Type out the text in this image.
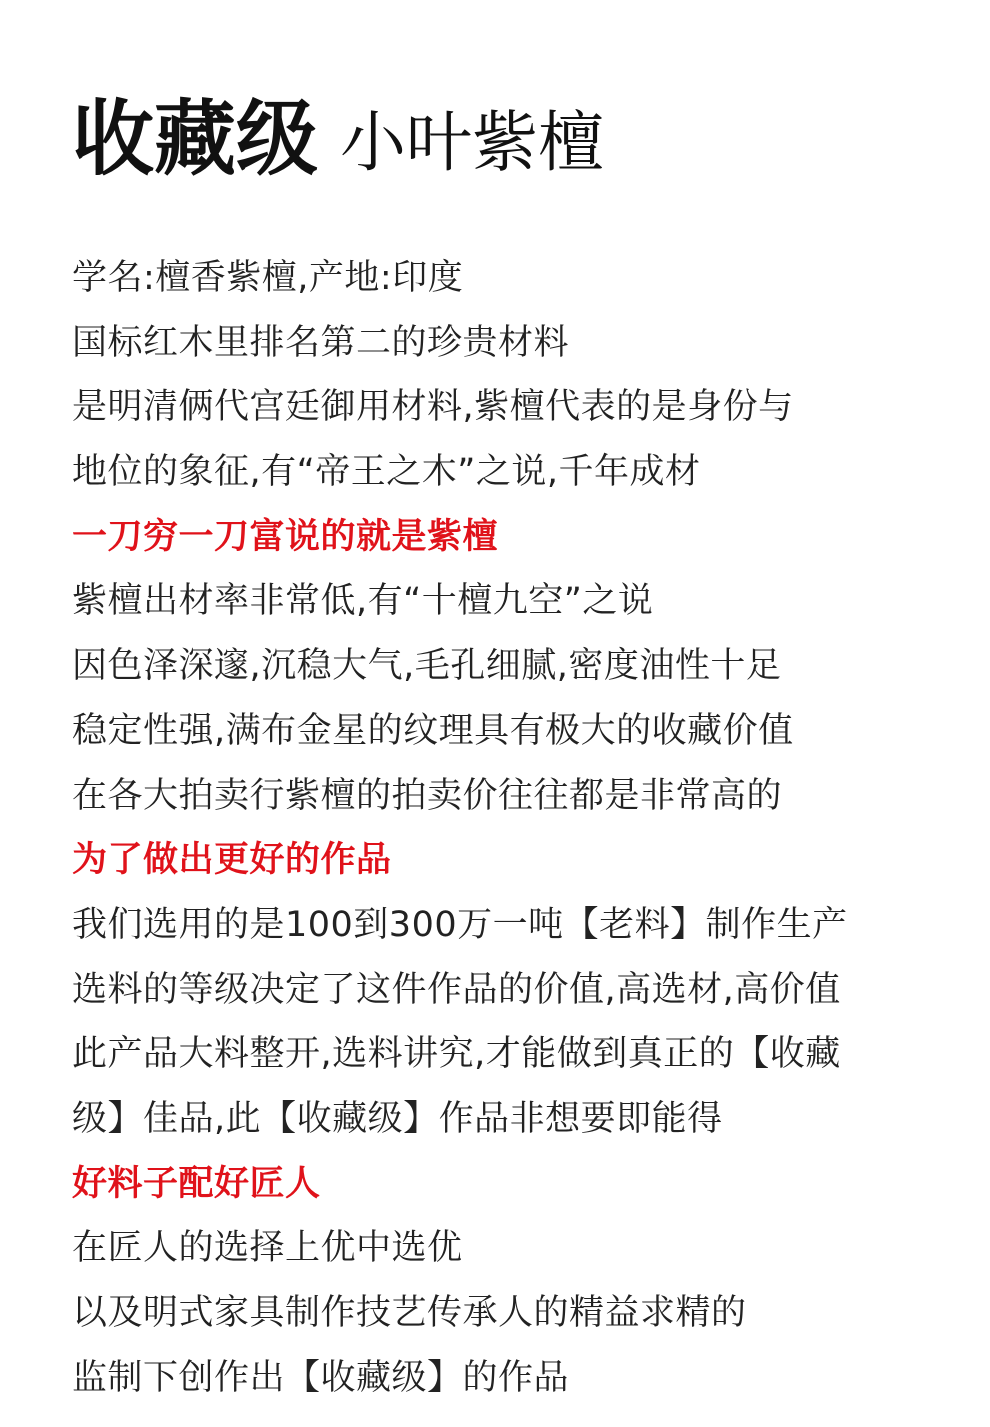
收藏级 小叶紫檀
学名:檀香紫檀,产地:印度
国标红木里排名第二的珍贵材料
是明清俩代宫廷御用材料,紫檀代表的是身份与
地位的象征,有“帝王之木”之说,千年成材
一刀穷一刀富说的就是紫檀
紫檀出材率非常低,有“十檀九空”之说
因色泽深邃,沉稳大气,毛孔细腻,密度油性十足
稳定性强,满布金星的纹理具有极大的收藏价值
在各大拍卖行紫檀的拍卖价往往都是非常高的
为了做出更好的作品
我们选用的是100到300万一吨【老料】制作生产
选料的等级决定了这件作品的价值,高选材,高价值
此产品大料整开,选料讲究,才能做到真正的【收藏
级】佳品,此【收藏级】作品非想要即能得
好料子配好匠人
在匠人的选择上优中选优
以及明式家具制作技艺传承人的精益求精的
监制下创作出【收藏级】的作品
